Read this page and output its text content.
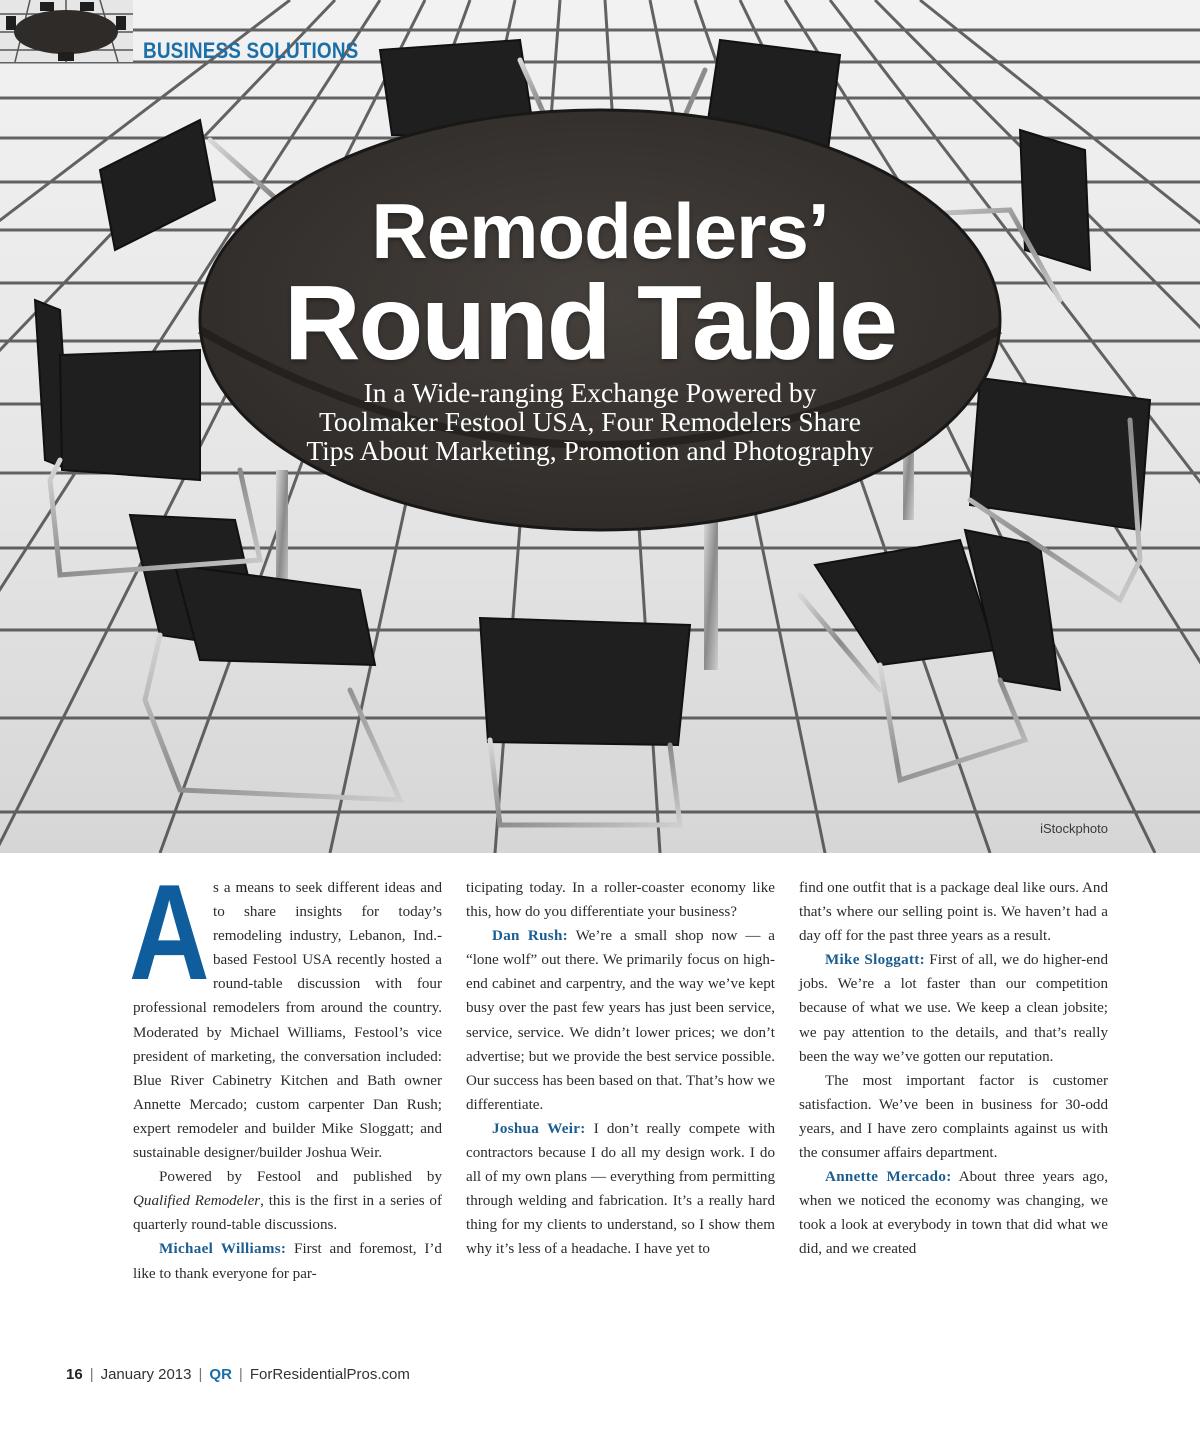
BUSINESS SOLUTIONS
Remodelers’
Round Table
In a Wide-ranging Exchange Powered by
Toolmaker Festool USA, Four Remodelers Share
Tips About Marketing, Promotion and Photography
iStockphoto

As a means to seek different ideas and to share insights for today’s remodeling industry, Lebanon, Ind.-based Festool USA recently hosted a round-table discussion with four professional remodelers from around the country. Moderated by Michael Williams, Festool’s vice president of marketing, the conversation included: Blue River Cabinetry Kitchen and Bath owner Annette Mercado; custom carpenter Dan Rush; expert remodeler and builder Mike Sloggatt; and sustainable designer/builder Joshua Weir.

Powered by Festool and published by Qualified Remodeler, this is the first in a series of quarterly round-table discussions.

Michael Williams: First and foremost, I’d like to thank everyone for par-

ticipating today. In a roller-coaster economy like this, how do you differentiate your business?

Dan Rush: We’re a small shop now — a “lone wolf” out there. We primarily focus on high-end cabinet and carpentry, and the way we’ve kept busy over the past few years has just been service, service, service. We didn’t lower prices; we don’t advertise; but we provide the best service possible. Our success has been based on that. That’s how we differentiate.

Joshua Weir: I don’t really compete with contractors because I do all my design work. I do all of my own plans — everything from permitting through welding and fabrication. It’s a really hard thing for my clients to understand, so I show them why it’s less of a headache. I have yet to

find one outfit that is a package deal like ours. And that’s where our selling point is. We haven’t had a day off for the past three years as a result.

Mike Sloggatt: First of all, we do higher-end jobs. We’re a lot faster than our competition because of what we use. We keep a clean jobsite; we pay attention to the details, and that’s really been the way we’ve gotten our reputation.

The most important factor is customer satisfaction. We’ve been in business for 30-odd years, and I have zero complaints against us with the consumer affairs department.

Annette Mercado: About three years ago, when we noticed the economy was changing, we took a look at everybody in town that did what we did, and we created

16 | January 2013 | QR | ForResidentialPros.com
